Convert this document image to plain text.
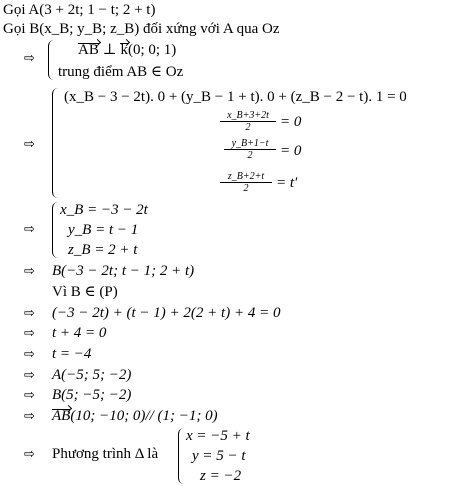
Gọi A(3 + 2t; 1 − t; 2 + t)
Gọi B(x_B; y_B; z_B) đối xứng với A qua Oz
⇨
AB ⊥ k(0; 0; 1)
trung điểm AB ∈ Oz
⇨
(x_B − 3 − 2t). 0 + (y_B − 1 + t). 0 + (z_B − 2 − t). 1 = 0
$\frac{x\_B+3+2t}{2} = 0$
$\frac{y\_B+1-t}{2} = 0$
$\frac{z\_B+2+t}{2} = t'$
⇨
x_B = −3 − 2t
y_B = t − 1
z_B = 2 + t
⇨ B(−3 − 2t; t − 1; 2 + t)
Vì B ∈ (P)
⇨ (−3 − 2t) + (t − 1) + 2(2 + t) + 4 = 0
⇨ t + 4 = 0
⇨ t = −4
⇨ A(−5; 5; −2)
⇨ B(5; −5; −2)
⇨ AB(10; −10; 0)// (1; −1; 0)
⇨ Phương trình Δ là
x = −5 + t
y = 5 − t
z = −2
